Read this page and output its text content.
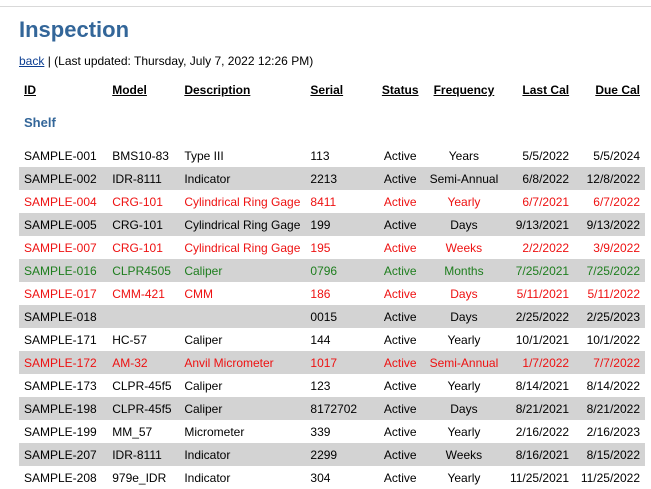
Inspection
back | (Last updated: Thursday, July 7, 2022 12:26 PM)
ID	Model	Description	Serial	Status	Frequency	Last Cal	Due Cal
Shelf							
SAMPLE-001	BMS10-83	Type III	113	Active	Years	5/5/2022	5/5/2024
SAMPLE-002	IDR-8111	Indicator	2213	Active	Semi-Annual	6/8/2022	12/8/2022
SAMPLE-004	CRG-101	Cylindrical Ring Gage	8411	Active	Yearly	6/7/2021	6/7/2022
SAMPLE-005	CRG-101	Cylindrical Ring Gage	199	Active	Days	9/13/2021	9/13/2022
SAMPLE-007	CRG-101	Cylindrical Ring Gage	195	Active	Weeks	2/2/2022	3/9/2022
SAMPLE-016	CLPR4505	Caliper	0796	Active	Months	7/25/2021	7/25/2022
SAMPLE-017	CMM-421	CMM	186	Active	Days	5/11/2021	5/11/2022
SAMPLE-018			0015	Active	Days	2/25/2022	2/25/2023
SAMPLE-171	HC-57	Caliper	144	Active	Yearly	10/1/2021	10/1/2022
SAMPLE-172	AM-32	Anvil Micrometer	1017	Active	Semi-Annual	1/7/2022	7/7/2022
SAMPLE-173	CLPR-45f5	Caliper	123	Active	Yearly	8/14/2021	8/14/2022
SAMPLE-198	CLPR-45f5	Caliper	8172702	Active	Days	8/21/2021	8/21/2022
SAMPLE-199	MM_57	Micrometer	339	Active	Yearly	2/16/2022	2/16/2023
SAMPLE-207	IDR-8111	Indicator	2299	Active	Weeks	8/16/2021	8/15/2022
SAMPLE-208	979e_IDR	Indicator	304	Active	Yearly	11/25/2021	11/25/2022
